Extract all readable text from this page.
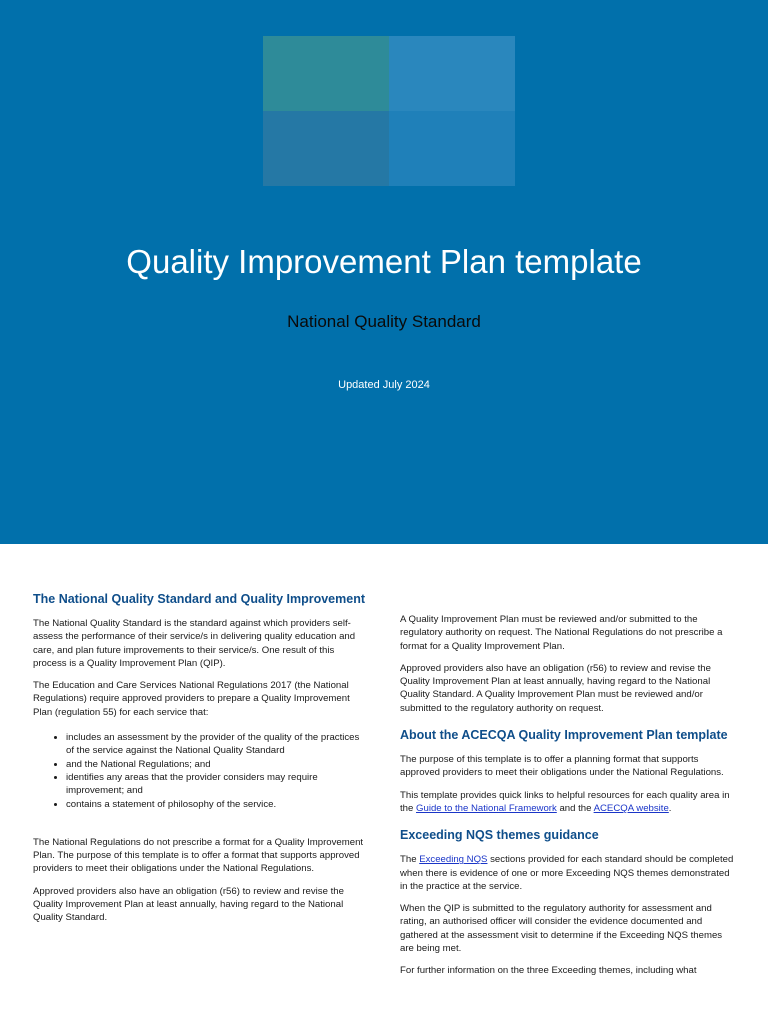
Quality Improvement Plan template
National Quality Standard
Updated July 2024
The National Quality Standard and Quality Improvement
The National Quality Standard is the standard against which providers self-assess the performance of their service/s in delivering quality education and care, and plan future improvements to their service/s. One result of this process is a Quality Improvement Plan (QIP).
The Education and Care Services National Regulations 2017 (the National Regulations) require approved providers to prepare a Quality Improvement Plan (regulation 55) for each service that:
• includes an assessment by the provider of the quality of the practices of the service against the National Quality Standard
• and the National Regulations; and
• identifies any areas that the provider considers may require improvement; and
• contains a statement of philosophy of the service.
The National Regulations do not prescribe a format for a Quality Improvement Plan. The purpose of this template is to offer a format that supports approved providers to meet their obligations under the National Regulations.
Approved providers also have an obligation (r56) to review and revise the Quality Improvement Plan at least annually, having regard to the National Quality Standard.
A Quality Improvement Plan must be reviewed and/or submitted to the regulatory authority on request. The National Regulations do not prescribe a format for a Quality Improvement Plan.
Approved providers also have an obligation (r56) to review and revise the Quality Improvement Plan at least annually, having regard to the National Quality Standard. A Quality Improvement Plan must be reviewed and/or submitted to the regulatory authority on request.
About the ACECQA Quality Improvement Plan template
The purpose of this template is to offer a planning format that supports approved providers to meet their obligations under the National Regulations.
This template provides quick links to helpful resources for each quality area in the Guide to the National Framework and the ACECQA website.
Exceeding NQS themes guidance
The Exceeding NQS sections provided for each standard should be completed when there is evidence of one or more Exceeding NQS themes demonstrated in the practice at the service.
When the QIP is submitted to the regulatory authority for assessment and rating, an authorised officer will consider the evidence documented and gathered at the assessment visit to determine if the Exceeding NQS themes are being met.
For further information on the three Exceeding themes, including what
